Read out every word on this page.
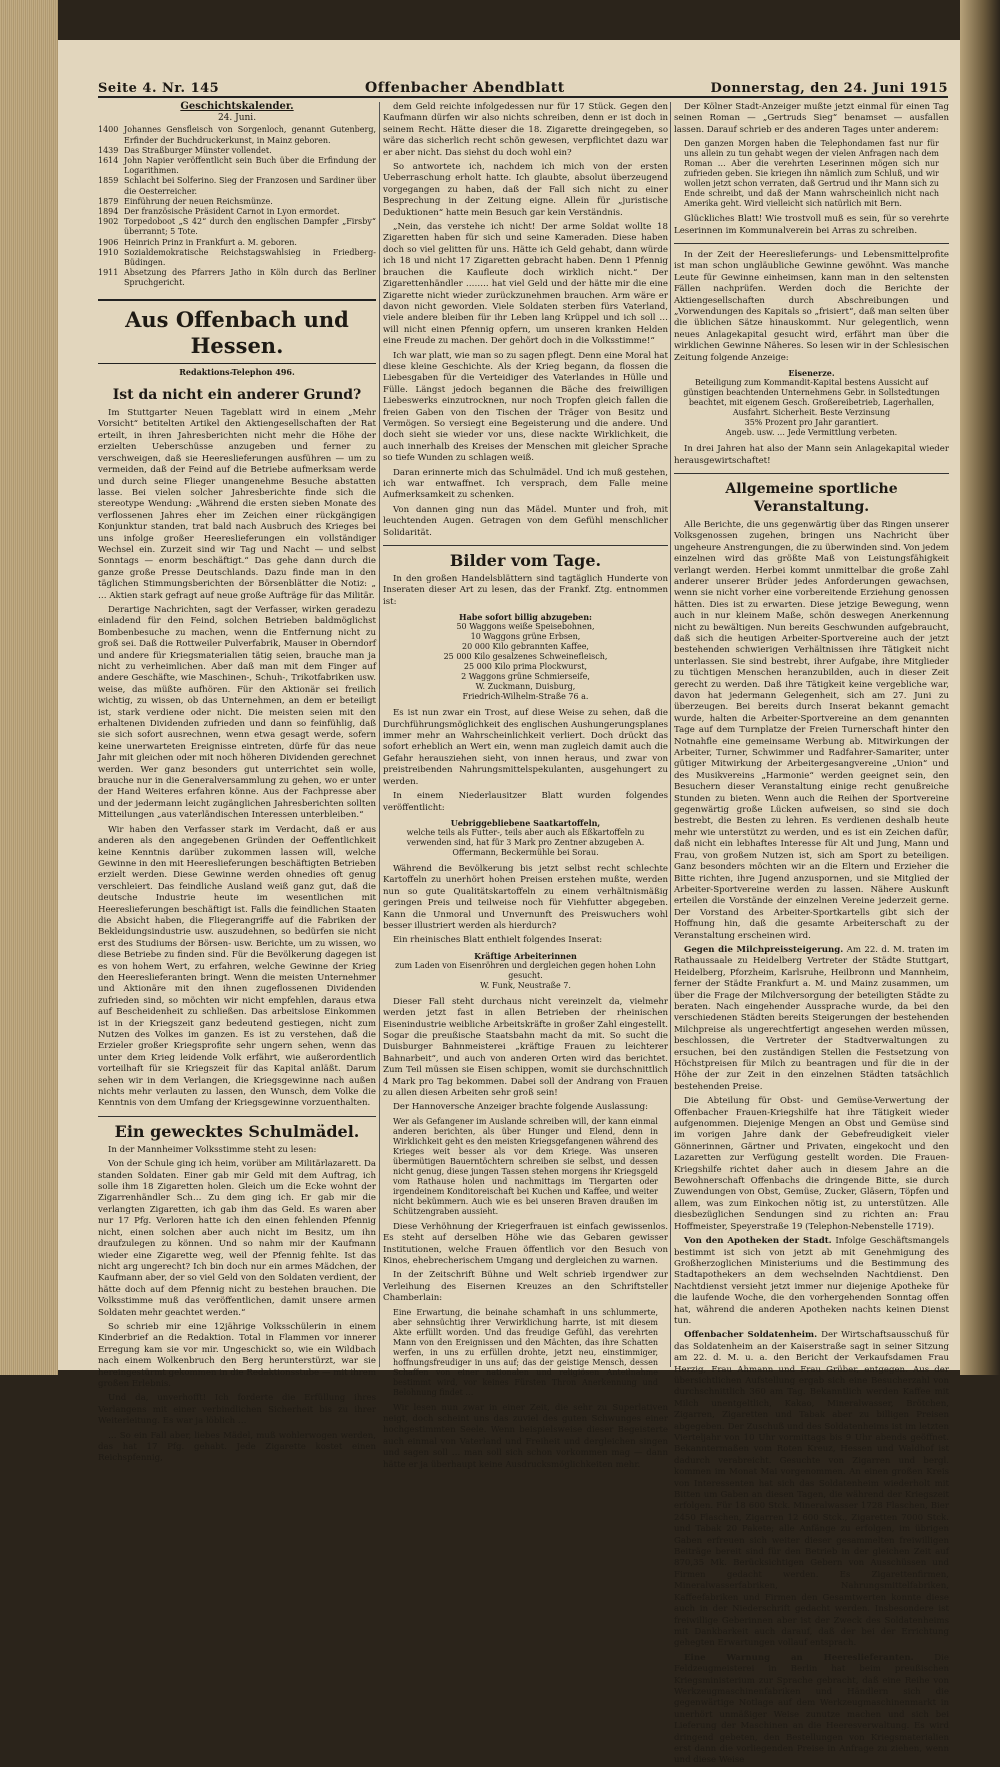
Seite 4. Nr. 145	Offenbacher Abendblatt	Donnerstag, den 24. Juni 1915
Geschichtskalender.
24. Juni.
1400 Johannes Gensfleisch von Sorgenloch, genannt Gutenberg, Erfinder der Buchdruckerkunst, in Mainz geboren.
1439 Das Straßburger Münster vollendet.
1614 John Napier veröffentlicht sein Buch über die Erfindung der Logarithmen.
1859 Schlacht bei Solferino. Sieg der Franzosen und Sardiner über die Oesterreicher.
1879 Einführung der neuen Reichsmünze.
1894 Der französische Präsident Carnot in Lyon ermordet.
1902 Torpedoboot „S 42“ durch den englischen Dampfer „Firsby“ überrannt; 5 Tote.
1906 Heinrich Prinz in Frankfurt a. M. geboren.
1910 Sozialdemokratische Reichstagswahlsieg in Friedberg-Büdingen.
1911 Absetzung des Pfarrers Jatho in Köln durch das Berliner Spruchgericht.
Aus Offenbach und Hessen.
Redaktions-Telephon 496.
Ist da nicht ein anderer Grund?

Im Stuttgarter Neuen Tageblatt wird in einem „Mehr Vorsicht“ betitelten Artikel den Aktiengesellschaften der Rat erteilt, in ihren Jahresberichten nicht mehr die Höhe der erzielten Ueberschüsse anzugeben und ferner zu verschweigen, daß sie Heereslieferungen ausführen — um zu vermeiden, daß der Feind auf die Betriebe aufmerksam werde und durch seine Flieger unangenehme Besuche abstatten lasse. Bei vielen solcher Jahresberichte finde sich die stereotype Wendung: „Während die ersten sieben Monate des verflossenen Jahres eher im Zeichen einer rückgängigen Konjunktur standen, trat bald nach Ausbruch des Krieges bei uns infolge großer Heereslieferungen ein vollständiger Wechsel ein. Zurzeit sind wir Tag und Nacht — und selbst Sonntags — enorm beschäftigt.“ Das gehe dann durch die ganze große Presse Deutschlands. Dazu finde man in den täglichen Stimmungsberichten der Börsenblätter die Notiz: „ … Aktien stark gefragt auf neue große Aufträge für das Militär.

Derartige Nachrichten, sagt der Verfasser, wirken geradezu einladend für den Feind, solchen Betrieben baldmöglichst Bombenbesuche zu machen, wenn die Entfernung nicht zu groß sei. Daß die Rottweiler Pulverfabrik, Mauser in Oberndorf und andere für Kriegsmaterialien tätig seien, brauche man ja nicht zu verheimlichen. Aber daß man mit dem Finger auf andere Geschäfte, wie Maschinen-, Schuh-, Trikotfabriken usw. weise, das müßte aufhören. Für den Aktionär sei freilich wichtig, zu wissen, ob das Unternehmen, an dem er beteiligt ist, stark verdiene oder nicht. Die meisten seien mit den erhaltenen Dividenden zufrieden und dann so feinfühlig, daß sie sich sofort ausrechnen, wenn etwa gesagt werde, sofern keine unerwarteten Ereignisse eintreten, dürfe für das neue Jahr mit gleichen oder mit noch höheren Dividenden gerechnet werden. Wer ganz besonders gut unterrichtet sein wolle, brauche nur in die Generalversammlung zu gehen, wo er unter der Hand Weiteres erfahren könne. Aus der Fachpresse aber und der jedermann leicht zugänglichen Jahresberichten sollten Mitteilungen „aus vaterländischen Interessen unterbleiben.“

Wir haben den Verfasser stark im Verdacht, daß er aus anderen als den angegebenen Gründen der Oeffentlichkeit keine Kenntnis darüber zukommen lassen will, welche Gewinne in den mit Heereslieferungen beschäftigten Betrieben erzielt werden. Diese Gewinne werden ohnedies oft genug verschleiert. Das feindliche Ausland weiß ganz gut, daß die deutsche Industrie heute im wesentlichen mit Heereslieferungen beschäftigt ist. Falls die feindlichen Staaten die Absicht haben, die Fliegerangriffe auf die Fabriken der Bekleidungsindustrie usw. auszudehnen, so bedürfen sie nicht erst des Studiums der Börsen- usw. Berichte, um zu wissen, wo diese Betriebe zu finden sind. Für die Bevölkerung dagegen ist es von hohem Wert, zu erfahren, welche Gewinne der Krieg den Heereslieferanten bringt. Wenn die meisten Unternehmer und Aktionäre mit den ihnen zugeflossenen Dividenden zufrieden sind, so möchten wir nicht empfehlen, daraus etwa auf Bescheidenheit zu schließen. Das arbeitslose Einkommen ist in der Kriegszeit ganz bedeutend gestiegen, nicht zum Nutzen des Volkes im ganzen. Es ist zu verstehen, daß die Erzieler großer Kriegsprofite sehr ungern sehen, wenn das unter dem Krieg leidende Volk erfährt, wie außerordentlich vorteilhaft für sie Kriegszeit für das Kapital anläßt. Darum sehen wir in dem Verlangen, die Kriegsgewinne nach außen nichts mehr verlauten zu lassen, den Wunsch, dem Volke die Kenntnis von dem Umfang der Kriegsgewinne vorzuenthalten.

Ein gewecktes Schulmädel.

In der Mannheimer Volksstimme steht zu lesen:

Von der Schule ging ich heim, vorüber am Militärlazarett. Da standen Soldaten. Einer gab mir Geld mit dem Auftrag, ich solle ihm 18 Zigaretten holen. Gleich um die Ecke wohnt der Zigarrenhändler Sch… Zu dem ging ich. Er gab mir die verlangten Zigaretten, ich gab ihm das Geld. Es waren aber nur 17 Pfg. Verloren hatte ich den einen fehlenden Pfennig nicht, einen solchen aber auch nicht im Besitz, um ihn draufzulegen zu können. Und so nahm mir der Kaufmann wieder eine Zigarette weg, weil der Pfennig fehlte. Ist das nicht arg ungerecht? Ich bin doch nur ein armes Mädchen, der Kaufmann aber, der so viel Geld von den Soldaten verdient, der hätte doch auf dem Pfennig nicht zu bestehen brauchen. Die Volksstimme muß das veröffentlichen, damit unsere armen Soldaten mehr geachtet werden.“

So schrieb mir eine 12jährige Volksschülerin in einem Kinderbrief an die Redaktion. Total in Flammen vor innerer Erregung kam sie vor mir. Ungeschickt so, wie ein Wildbach nach einem Wolkenbruch den Berg herunterstürzt, war sie hereingestürmt gekommen in die Redaktionsstube — mit ihrem großen Erlebnis.

Und da, unverhofft! Ich forderte die Erfüllung ihres Verlangens mit einer verbindlichen Sicherheit bis zu ihrer Weiterleitung. Es war ja löblich …

… So ein Fall aber, liebes Mädel, muß wohlerwogen werden, das hat 17 Pfg. gehabt. Jede Zigarette kostet einen Reichspfennig,

dem Geld reichte infolgedessen nur für 17 Stück. Gegen den Kaufmann dürfen wir also nichts schreiben, denn er ist doch in seinem Recht. Hätte dieser die 18. Zigarette dreingegeben, so wäre das sicherlich recht schön gewesen, verpflichtet dazu war er aber nicht. Das siehst du doch wohl ein?

So antwortete ich, nachdem ich mich von der ersten Ueberraschung erholt hatte. Ich glaubte, absolut überzeugend vorgegangen zu haben, daß der Fall sich nicht zu einer Besprechung in der Zeitung eigne. Allein für „juristische Deduktionen“ hatte mein Besuch gar kein Verständnis.

„Nein, das verstehe ich nicht! Der arme Soldat wollte 18 Zigaretten haben für sich und seine Kameraden. Diese haben doch so viel gelitten für uns. Hätte ich Geld gehabt, dann würde ich 18 und nicht 17 Zigaretten gebracht haben. Denn 1 Pfennig brauchen die Kaufleute doch wirklich nicht.“ Der Zigarettenhändler …….. hat viel Geld und der hätte mir die eine Zigarette nicht wieder zurückzunehmen brauchen. Arm wäre er davon nicht geworden. Viele Soldaten sterben fürs Vaterland, viele andere bleiben für ihr Leben lang Krüppel und ich soll … will nicht einen Pfennig opfern, um unseren kranken Helden eine Freude zu machen. Der gehört doch in die Volksstimme!“

Ich war platt, wie man so zu sagen pflegt. Denn eine Moral hat diese kleine Geschichte. Als der Krieg begann, da flossen die Liebesgaben für die Verteidiger des Vaterlandes in Hülle und Fülle. Längst jedoch begannen die Bäche des freiwilligen Liebeswerks einzutrocknen, nur noch Tropfen gleich fallen die freien Gaben von den Tischen der Träger von Besitz und Vermögen. So versiegt eine Begeisterung und die andere. Und doch sieht sie wieder vor uns, diese nackte Wirklichkeit, die auch innerhalb des Kreises der Menschen mit gleicher Sprache so tiefe Wunden zu schlagen weiß.

Daran erinnerte mich das Schulmädel. Und ich muß gestehen, ich war entwaffnet. Ich versprach, dem Falle meine Aufmerksamkeit zu schenken.

Von dannen ging nun das Mädel. Munter und froh, mit leuchtenden Augen. Getragen von dem Gefühl menschlicher Solidarität.

Bilder vom Tage.

In den großen Handelsblättern sind tagtäglich Hunderte von Inseraten dieser Art zu lesen, das der Frankf. Ztg. entnommen ist:

Habe sofort billig abzugeben:
50 Waggons weiße Speisebohnen,
10 Waggons grüne Erbsen,
20 000 Kilo gebrannten Kaffee,
25 000 Kilo gesalzenes Schweinefleisch,
25 000 Kilo prima Plockwurst,
2 Waggons grüne Schmierseife,
W. Zuckmann, Duisburg,
Friedrich-Wilhelm-Straße 76 a.

Es ist nun zwar ein Trost, auf diese Weise zu sehen, daß die Durchführungsmöglichkeit des englischen Aushungerungsplanes immer mehr an Wahrscheinlichkeit verliert. Doch drückt das sofort erheblich an Wert ein, wenn man zugleich damit auch die Gefahr herausziehen sieht, von innen heraus, und zwar von preistreibenden Nahrungsmittelspekulanten, ausgehungert zu werden.

In einem Niederlausitzer Blatt wurden folgendes veröffentlicht:

Uebriggebliebene Saatkartoffeln,
welche teils als Futter-, teils aber auch als Eßkartoffeln zu verwenden sind, hat für 3 Mark pro Zentner abzugeben A. Offermann, Beckermühle bei Sorau.

Während die Bevölkerung bis jetzt selbst recht schlechte Kartoffeln zu unerhört hohen Preisen erstehen mußte, werden nun so gute Qualitätskartoffeln zu einem verhältnismäßig geringen Preis und teilweise noch für Viehfutter abgegeben. Kann die Unmoral und Unvernunft des Preiswuchers wohl besser illustriert werden als hierdurch?

Ein rheinisches Blatt enthielt folgendes Inserat:

Kräftige Arbeiterinnen
zum Laden von Eisenröhren und dergleichen gegen hohen Lohn gesucht.
W. Funk, Neustraße 7.

Dieser Fall steht durchaus nicht vereinzelt da, vielmehr werden jetzt fast in allen Betrieben der rheinischen Eisenindustrie weibliche Arbeitskräfte in großer Zahl eingestellt. Sogar die preußische Staatsbahn macht da mit. So sucht die Duisburger Bahnmeisterei „kräftige Frauen zu leichterer Bahnarbeit“, und auch von anderen Orten wird das berichtet. Zum Teil müssen sie Eisen schippen, womit sie durchschnittlich 4 Mark pro Tag bekommen. Dabei soll der Andrang von Frauen zu allen diesen Arbeiten sehr groß sein!

Der Hannoversche Anzeiger brachte folgende Auslassung:

Wer als Gefangener im Auslande schreiben will, der kann einmal anderen berichten, als über Hunger und Elend, denn in Wirklichkeit geht es den meisten Kriegsgefangenen während des Krieges weit besser als vor dem Kriege. Was unseren übermütigen Bauerntöchtern schreiben sie selbst, und dessen nicht genug, diese jungen Tassen stehen morgens ihr Kriegsgeld vom Rathause holen und nachmittags im Tiergarten oder irgendeinem Konditoreischaft bei Kuchen und Kaffee, und weiter nicht bekümmern. Auch wie es bei unseren Braven draußen im Schützengraben aussieht.

Diese Verhöhnung der Kriegerfrauen ist einfach gewissenlos. Es steht auf derselben Höhe wie das Gebaren gewisser Institutionen, welche Frauen öffentlich vor den Besuch von Kinos, ehebrecherischem Umgang und dergleichen zu warnen.

In der Zeitschrift Bühne und Welt schrieb irgendwer zur Verleihung des Eisernen Kreuzes an den Schriftsteller Chamberlain:

Eine Erwartung, die beinahe schamhaft in uns schlummerte, aber sehnsüchtig ihrer Verwirklichung harrte, ist mit diesem Akte erfüllt worden. Und das freudige Gefühl, das verehrten Mann von den Ereignissen und den Mächten, das ihre Schatten werfen, in uns zu erfüllen drohte, jetzt neu, einstimmiger, hoffnungsfreudiger in uns auf; das der geistige Mensch, dessen Schaffen von einer nationalen und religiösen Anteilnahme bestimmt wird, vor keines Fürsten Thron Anerkennung und Belohnung findet …

Wir lesen nun zwar in einer Zeit, die sehr zu Superlativen neigt, doch scheint uns das zuviel des guten Schwunges einer hochgestimmten Seele. Wenn beispielsweise dieser Begeisterte auch einmal von Vaterland und Freiheit und dergleichen singen und sagen soll … man soll sich schon vorkommen mag — dann hätte er ja überhaupt keine Ausdrucksmöglichkeiten mehr.

Der Kölner Stadt-Anzeiger mußte jetzt einmal für einen Tag seinen Roman — „Gertruds Sieg“ benamset — ausfallen lassen. Darauf schrieb er des anderen Tages unter anderem:

Den ganzen Morgen haben die Telephondamen fast nur für uns allein zu tun gehabt wegen der vielen Anfragen nach dem Roman … Aber die verehrten Leserinnen mögen sich nur zufrieden geben. Sie kriegen ihn nämlich zum Schluß, und wir wollen jetzt schon verraten, daß Gertrud und ihr Mann sich zu Ende schreibt, und daß der Mann wahrscheinlich nicht nach Amerika geht. Wird vielleicht sich natürlich mit Bern.

Glückliches Blatt! Wie trostvoll muß es sein, für so verehrte Leserinnen im Kommunalverein bei Arras zu schreiben.

In der Zeit der Heereslieferungs- und Lebensmittelprofite ist man schon ungläubliche Gewinne gewöhnt. Was manche Leute für Gewinne einheimsen, kann man in den seltensten Fällen nachprüfen. Werden doch die Berichte der Aktiengesellschaften durch Abschreibungen und „Vorwendungen des Kapitals so „frisiert“, daß man selten über die üblichen Sätze hinauskommt. Nur gelegentlich, wenn neues Anlagekapital gesucht wird, erfährt man über die wirklichen Gewinne Näheres. So lesen wir in der Schlesischen Zeitung folgende Anzeige:

Eisenerze.
Beteiligung zum Kommandit-Kapital bestens Aussicht auf günstigen beachtenden Unternehmens Gebr. in Sollstedtungen beachtet, mit eigenem Gesch. Großereibetrieb, Lagerhallen, Ausfahrt. Sicherheit. Beste Verzinsung
35% Prozent pro Jahr garantiert.
Angeb. usw. … Jede Vermittlung verbeten.

In drei Jahren hat also der Mann sein Anlagekapital wieder herausgewirtschaftet!

Allgemeine sportliche Veranstaltung.

Alle Berichte, die uns gegenwärtig über das Ringen unserer Volksgenossen zugehen, bringen uns Nachricht über ungeheure Anstrengungen, die zu überwinden sind. Von jedem einzelnen wird das größte Maß von Leistungsfähigkeit verlangt werden. Herbei kommt unmittelbar die große Zahl anderer unserer Brüder jedes Anforderungen gewachsen, wenn sie nicht vorher eine vorbereitende Erziehung genossen hätten. Dies ist zu erwarten. Diese jetzige Bewegung, wenn auch in nur kleinem Maße, schön deswegen Anerkennung nicht zu bewältigen. Nun bereits Geschwunden aufgebraucht, daß sich die heutigen Arbeiter-Sportvereine auch der jetzt bestehenden schwierigen Verhältnissen ihre Tätigkeit nicht unterlassen. Sie sind bestrebt, ihrer Aufgabe, ihre Mitglieder zu tüchtigen Menschen heranzubilden, auch in dieser Zeit gerecht zu werden. Daß ihre Tätigkeit keine vergebliche war, davon hat jedermann Gelegenheit, sich am 27. Juni zu überzeugen. Bei bereits durch Inserat bekannt gemacht wurde, halten die Arbeiter-Sportvereine an dem genannten Tage auf dem Turnplatze der Freien Turnerschaft hinter den Notnahfle eine gemeinsame Werbung ab. Mitwirkungen der Arbeiter, Turner, Schwimmer und Radfahrer-Samariter, unter gütiger Mitwirkung der Arbeitergesangvereine „Union“ und des Musikvereins „Harmonie“ werden geeignet sein, den Besuchern dieser Veranstaltung einige recht genußreiche Stunden zu bieten. Wenn auch die Reihen der Sportvereine gegenwärtig große Lücken aufweisen, so sind sie doch bestrebt, die Besten zu lehren. Es verdienen deshalb heute mehr wie unterstützt zu werden, und es ist ein Zeichen dafür, daß nicht ein lebhaftes Interesse für Alt und Jung, Mann und Frau, von großem Nutzen ist, sich am Sport zu beteiligen. Ganz besonders möchten wir an die Eltern und Erzieher die Bitte richten, ihre Jugend anzuspornen, und sie Mitglied der Arbeiter-Sportvereine werden zu lassen. Nähere Auskunft erteilen die Vorstände der einzelnen Vereine jederzeit gerne. Der Vorstand des Arbeiter-Sportkartells gibt sich der Hoffnung hin, daß die gesamte Arbeiterschaft zu der Veranstaltung erscheinen wird.

Gegen die Milchpreissteigerung. Am 22. d. M. traten im Rathaussaale zu Heidelberg Vertreter der Städte Stuttgart, Heidelberg, Pforzheim, Karlsruhe, Heilbronn und Mannheim, ferner der Städte Frankfurt a. M. und Mainz zusammen, um über die Frage der Milchversorgung der beteiligten Städte zu beraten. Nach eingehender Aussprache wurde, da bei den verschiedenen Städten bereits Steigerungen der bestehenden Milchpreise als ungerechtfertigt angesehen werden müssen, beschlossen, die Vertreter der Stadtverwaltungen zu ersuchen, bei den zuständigen Stellen die Festsetzung von Höchstpreisen für Milch zu beantragen und für die in der Höhe der zur Zeit in den einzelnen Städten tatsächlich bestehenden Preise.

Die Abteilung für Obst- und Gemüse-Verwertung der Offenbacher Frauen-Kriegshilfe hat ihre Tätigkeit wieder aufgenommen. Diejenige Mengen an Obst und Gemüse sind im vorigen Jahre dank der Gebefreudigkeit vieler Gönnerinnen, Gärtner und Privaten, eingekocht und den Lazaretten zur Verfügung gestellt worden. Die Frauen-Kriegshilfe richtet daher auch in diesem Jahre an die Bewohnerschaft Offenbachs die dringende Bitte, sie durch Zuwendungen von Obst, Gemüse, Zucker, Gläsern, Töpfen und allem, was zum Einkochen nötig ist, zu unterstützen. Alle diesbezüglichen Sendungen sind zu richten an: Frau Hoffmeister, Speyerstraße 19 (Telephon-Nebenstelle 1719).

Von den Apotheken der Stadt. Infolge Geschäftsmangels bestimmt ist sich von jetzt ab mit Genehmigung des Großherzoglichen Ministeriums und die Bestimmung des Stadtapothekers an dem wechselnden Nachtdienst. Den Nachtdienst versieht jetzt immer nur diejenige Apotheke für die laufende Woche, die den vorhergehenden Sonntag offen hat, während die anderen Apotheken nachts keinen Dienst tun.

Offenbacher Soldatenheim. Der Wirtschaftsausschuß für das Soldatenheim an der Kaiserstraße sagt in seiner Sitzung am 22. d. M. u. a. den Bericht der Verkaufsdamen Frau Herzig, Frau Ahmann und Frau Grüber, entgegen. Aus der übersichtlichen Aufstellung ergab sich eine Besucherzahl von durchschnittlich 360 am Tag. Bekanntlich werden Kaffee mit Milch unentgeltlich, Kakao, Mineralwasser, Brötchen, Zigarren, Zigaretten und Tabak aber zu billigen Preisen abgegeben. Der Zuschuß und des Soldatenheims ist im letzten Vierteljahr von 10 Uhr vormittags bis 9 Uhr abends geöffnet. Bekanntermaßen vom Roten Kreuz, Hessen und Waldhof ist dadurch verabreicht. Gesuchte von Zigarren und bergl. kommen im Monat Mai vorgenommen. An einen großen Kreis von Interessenten hat sich das Soldatenheim wiederholt mit Bitten um Gaben an diesen Tagen, die während der Kriegszeit erfolgen. Für 18 600 Stck. Mineralwasser 1728 Flaschen, Bier 2450 Flaschen, Zigarren 12 600 Stck., Zigaretten 7000 Stck. und Tabak 20 Pakete; alle Anfänge zu erfolgen, im übrigen Gaben erfreuen sich weiter dieser gesammelten freiwilligen Beiträge bereit sind für den Betrieb in der gleichen Zeit auf 870,35 Mk. Berücksichtigen Gebern von Ausschüssen und Firmen gedacht werden. Es Zigarettenfirmen, Mineralwasserfabriken, Nahrungsmittelfabriken, Kaffeefabriken und Firmen den Gesamtwerten konnte diese auch in der Niederschrift gedacht werden. Insbesondere ist freiwillige Geberinnen aber ist der Zweck des Soldatenheims mit Dankbarkeit auch darauf, daß der bei der Errichtung gehegten Erwartungen vollauf entsprach.

Eine Warnung an Heereslieferanten. Die Feldzeugmeisterei in Berlin hat beim preußischen Kriegsministerium zur Sprache gebracht, daß eine Reihe von Werkzeugmaschinenfabriken und Händlern sich die gegenwärtige Notlage auf dem Werkzeugmaschinenmarkt in unerhört unmäßiger Weise zunutze machen und sich bei Lieferung der Maschinen an die Heeresverwaltung. Es wird dringend gebeten, den Bestellungen von Kriegsmaterialien erst dann die vorliegenden Preise in Anfrage zu ziehen, wenn und diese Weise
